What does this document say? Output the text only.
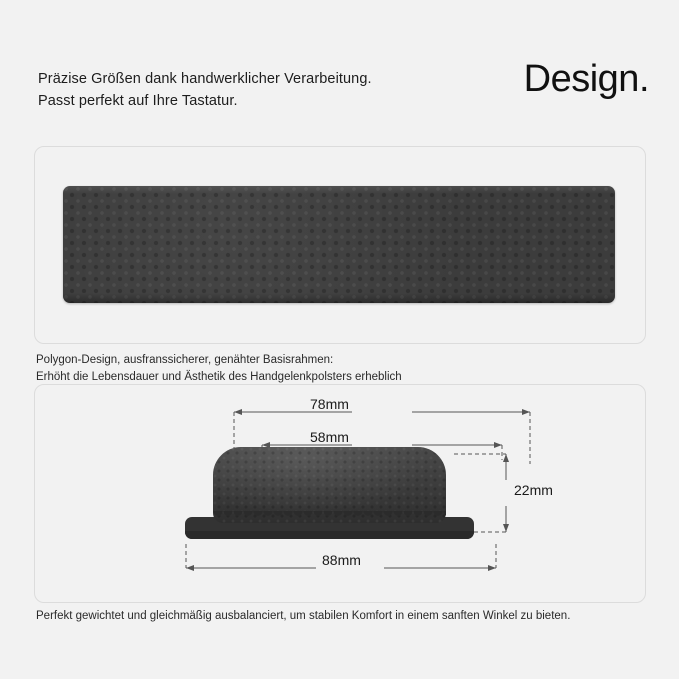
Präzise Größen dank handwerklicher Verarbeitung.
Passt perfekt auf Ihre Tastatur.
Design.
Polygon-Design, ausfranssicherer, genähter Basisrahmen:
Erhöht die Lebensdauer und Ästhetik des Handgelenkpolsters erheblich
78mm
58mm
88mm
22mm
Perfekt gewichtet und gleichmäßig ausbalanciert, um stabilen Komfort in einem sanften Winkel zu bieten.
